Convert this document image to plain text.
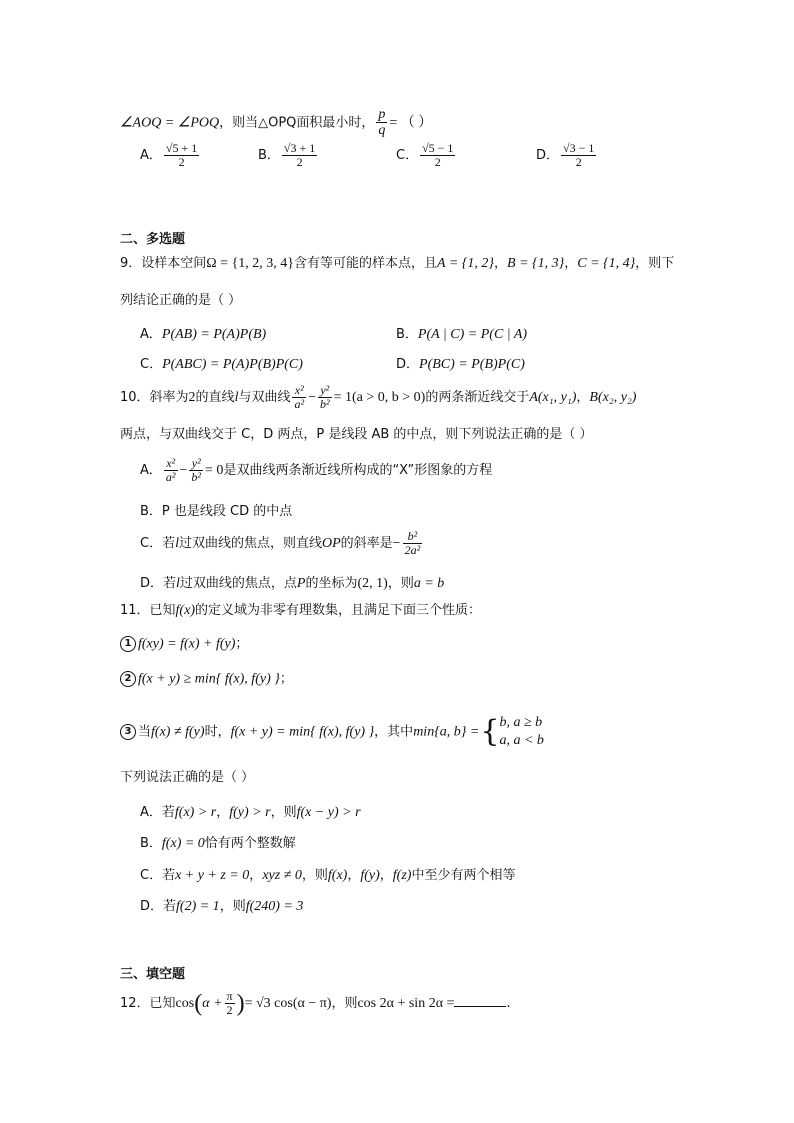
∠AOQ = ∠POQ，则当△OPQ面积最小时， $\frac{p}{q}$ = （ ）
A． $\frac{√5 + 1}{2}$	B． $\frac{√3 + 1}{2}$	C． $\frac{√5 - 1}{2}$	D． $\frac{√3 - 1}{2}$
二、多选题
9．设样本空间Ω = {1, 2, 3, 4}含有等可能的样本点，且A = {1, 2}，B = {1, 3}，C = {1, 4}，则下
列结论正确的是（ ）
A．P(AB) = P(A)P(B)	B．P(A | C) = P(C | A)
C．P(ABC) = P(A)P(B)P(C)	D．P(BC) = P(B)P(C)
10．斜率为2的直线l与双曲线 $\frac{\text{x²}}{\text{a²}} - \frac{\text{y²}}{\text{b²}} = 1(a > 0$, b > 0)的两条渐近线交于A(x₁, y₁)，B(x₂, y₂)
两点，与双曲线交于 C，D 两点，P 是线段 AB 的中点，则下列说法正确的是（ ）
A． $\frac{\text{x²}}{\text{a²}} - \frac{\text{y²}}{\text{b²}} = 0$是双曲线两条渐近线所构成的“X”形图象的方程
B．P 也是线段 CD 的中点
C．若l过双曲线的焦点，则直线OP的斜率是− $\frac{\text{b²}}{\text{2a²}}$
D．若l过双曲线的焦点，点P的坐标为(2, 1)，则a = b
11．已知f(x)的定义域为非零有理数集，且满足下面三个性质：
1 f(xy) = f(x) + f(y)；
2 f(x + y) ≥ min{ f(x), f(y) }；
3 当f(x) ≠ f(y)时，f(x + y) = min{ f(x), f(y) }，其中min{a, b} ={ b, a ≥ b
a, a < b
下列说法正确的是（ ）
A．若f(x) > r，f(y) > r，则f(x − y) > r
B．f(x) = 0恰有两个整数解
C．若x + y + z = 0，xyz ≠ 0，则f(x)，f(y)，f(z)中至少有两个相等
D．若f(2) = 1，则f(240) = 3
三、填空题
12．已知$\cos(\alpha + \frac{\pi}{2}$ )= √3 cos(α − π)，则cos 2α + sin 2α =	.
